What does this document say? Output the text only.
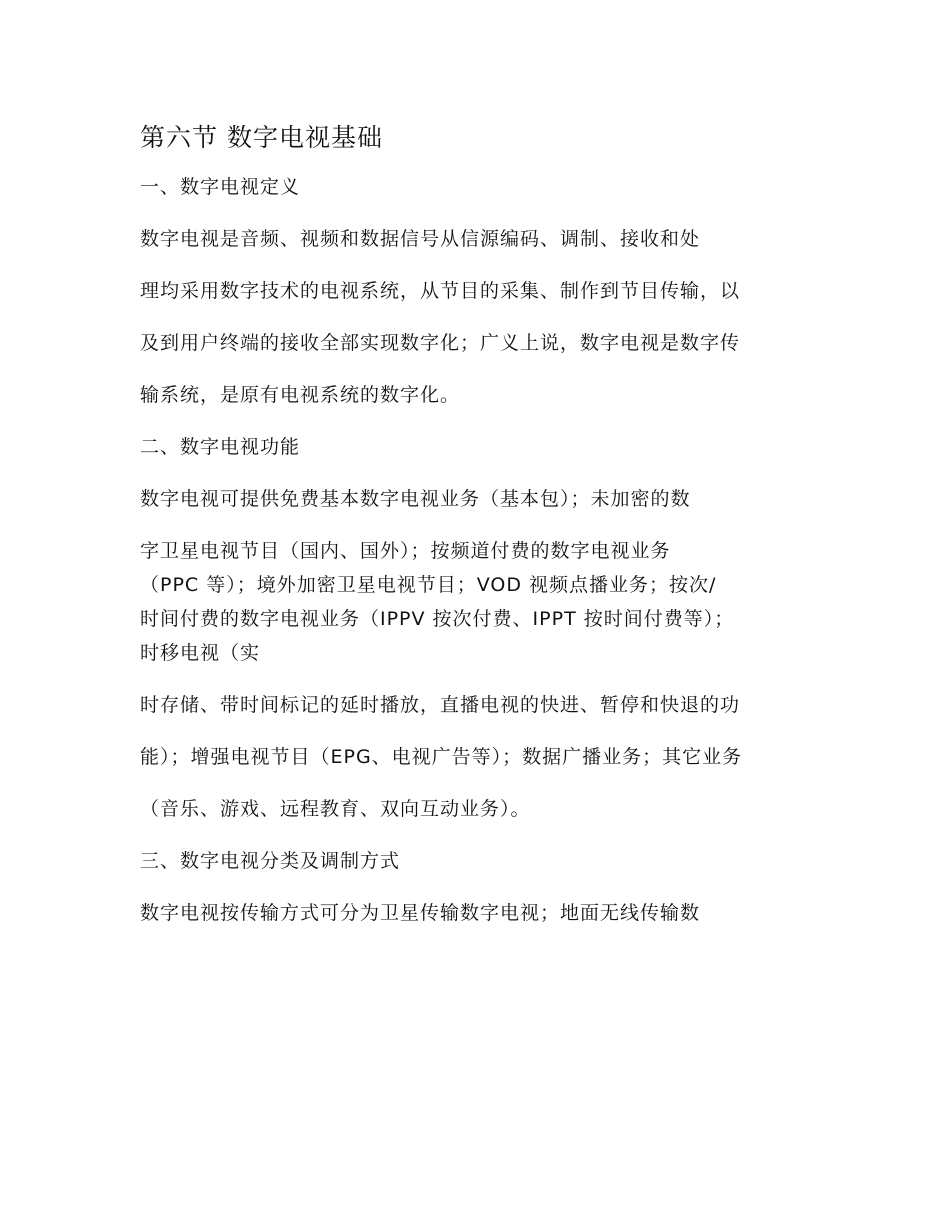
第六节 数字电视基础
一、数字电视定义
数字电视是音频、视频和数据信号从信源编码、调制、接收和处
理均采用数字技术的电视系统，从节目的采集、制作到节目传输，以
及到用户终端的接收全部实现数字化；广义上说，数字电视是数字传
输系统，是原有电视系统的数字化。
二、数字电视功能
数字电视可提供免费基本数字电视业务（基本包）；未加密的数
字卫星电视节目（国内、国外）；按频道付费的数字电视业务
（PPC 等）；境外加密卫星电视节目；VOD 视频点播业务；按次/
时间付费的数字电视业务（IPPV 按次付费、IPPT 按时间付费等）；
时移电视（实
时存储、带时间标记的延时播放，直播电视的快进、暂停和快退的功
能）；增强电视节目（EPG、电视广告等）；数据广播业务；其它业务
（音乐、游戏、远程教育、双向互动业务）。
三、数字电视分类及调制方式
数字电视按传输方式可分为卫星传输数字电视；地面无线传输数
